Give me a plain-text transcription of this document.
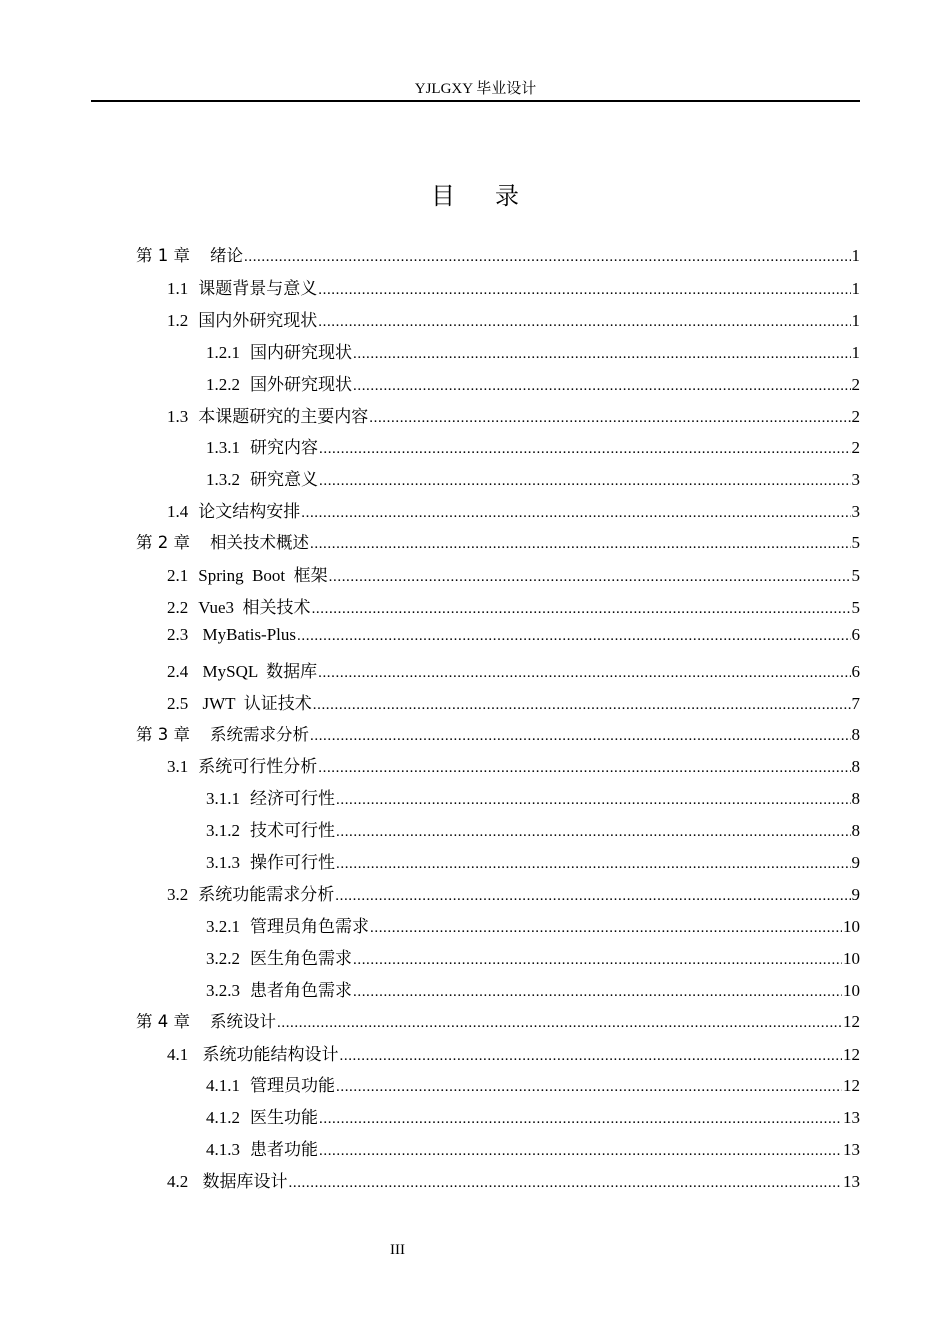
YJLGXY 毕业设计
目 录
第 1 章 绪论 .....	1
1.1 课题背景与意义 .....	1
1.2 国内外研究现状 .....	1
1.2.1 国内研究现状 .....	1
1.2.2 国外研究现状 .....	2
1.3 本课题研究的主要内容 .....	2
1.3.1 研究内容 .....	2
1.3.2 研究意义 .....	3
1.4 论文结构安排 .....	3
第 2 章 相关技术概述 .....	5
2.1 Spring  Boot  框架 .....	5
2.2 Vue3  相关技术 .....	5
2.3 MyBatis-Plus .....	6
2.4 MySQL  数据库 .....	6
2.5 JWT  认证技术 .....	7
第 3 章 系统需求分析 .....	8
3.1 系统可行性分析 .....	8
3.1.1 经济可行性 .....	8
3.1.2 技术可行性 .....	8
3.1.3 操作可行性 .....	9
3.2 系统功能需求分析 .....	9
3.2.1 管理员角色需求 .....	10
3.2.2 医生角色需求 .....	10
3.2.3 患者角色需求 .....	10
第 4 章 系统设计 .....	12
4.1 系统功能结构设计 .....	12
4.1.1 管理员功能 .....	12
4.1.2 医生功能 .....	13
4.1.3 患者功能 .....	13
4.2 数据库设计 .....	13
III
